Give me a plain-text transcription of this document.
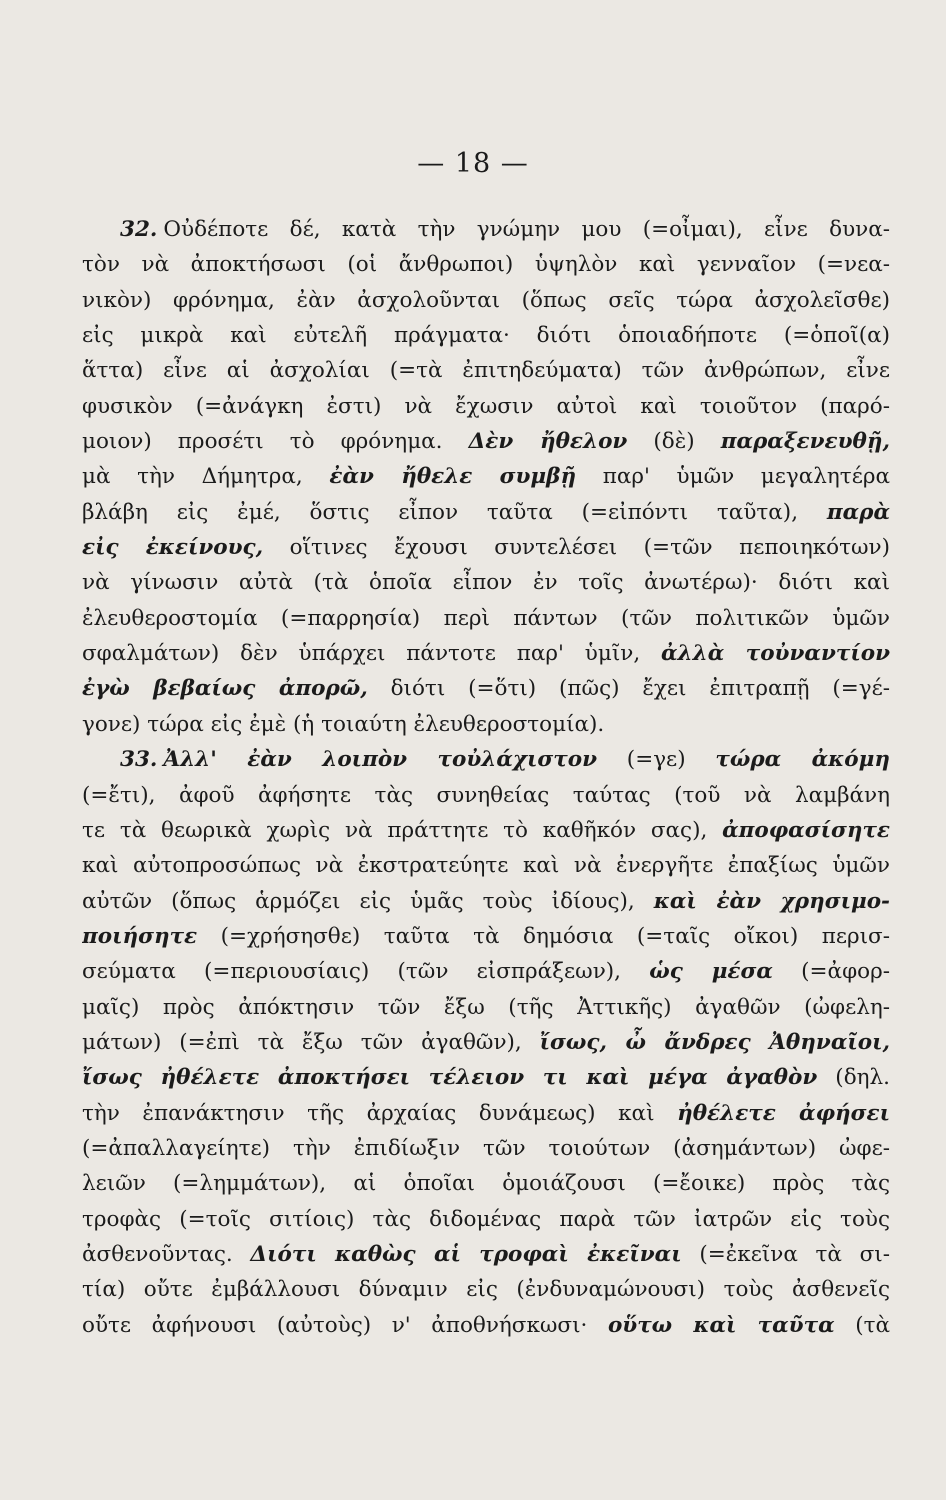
— 18 —
32. Οὐδέποτε δέ, κατὰ τὴν γνώμην μου (=οἶμαι), εἶνε δυνα-
τὸν νὰ ἀποκτήσωσι (οἱ ἄνθρωποι) ὑψηλὸν καὶ γενναῖον (=νεα-
νικὸν) φρόνημα, ἐὰν ἀσχολοῦνται (ὅπως σεῖς τώρα ἀσχολεῖσθε)
εἰς μικρὰ καὶ εὐτελῆ πράγματα· διότι ὁποιαδήποτε (=ὁποῖ(α)
ἅττα) εἶνε αἱ ἀσχολίαι (=τὰ ἐπιτηδεύματα) τῶν ἀνθρώπων, εἶνε
φυσικὸν (=ἀνάγκη ἐστι) νὰ ἔχωσιν αὐτοὶ καὶ τοιοῦτον (παρό-
μοιον) προσέτι τὸ φρόνημα. Δὲν ἤθελον (δὲ) παραξενευθῇ,
μὰ τὴν Δήμητρα, ἐὰν ἤθελε συμβῇ παρ' ὑμῶν μεγαλητέρα
βλάβη εἰς ἐμέ, ὅστις εἶπον ταῦτα (=εἰπόντι ταῦτα), παρὰ
εἰς ἐκείνους, οἵτινες ἔχουσι συντελέσει (=τῶν πεποιηκότων)
νὰ γίνωσιν αὐτὰ (τὰ ὁποῖα εἶπον ἐν τοῖς ἀνωτέρω)· διότι καὶ
ἐλευθεροστομία (=παρρησία) περὶ πάντων (τῶν πολιτικῶν ὑμῶν
σφαλμάτων) δὲν ὑπάρχει πάντοτε παρ' ὑμῖν, ἀλλὰ τοὐναντίον
ἐγὼ βεβαίως ἀπορῶ, διότι (=ὅτι) (πῶς) ἔχει ἐπιτραπῇ (=γέ-
γονε) τώρα εἰς ἐμὲ (ἡ τοιαύτη ἐλευθεροστομία).
33. Ἀλλ' ἐὰν λοιπὸν τοὐλάχιστον (=γε) τώρα ἀκόμη
(=ἔτι), ἀφοῦ ἀφήσητε τὰς συνηθείας ταύτας (τοῦ νὰ λαμβάνη
τε τὰ θεωρικὰ χωρὶς νὰ πράττητε τὸ καθῆκόν σας), ἀποφασίσητε
καὶ αὐτοπροσώπως νὰ ἐκστρατεύητε καὶ νὰ ἐνεργῆτε ἐπαξίως ὑμῶν
αὐτῶν (ὅπως ἁρμόζει εἰς ὑμᾶς τοὺς ἰδίους), καὶ ἐὰν χρησιμο-
ποιήσητε (=χρήσησθε) ταῦτα τὰ δημόσια (=ταῖς οἴκοι) περισ-
σεύματα (=περιουσίαις) (τῶν εἰσπράξεων), ὡς μέσα (=ἀφορ-
μαῖς) πρὸς ἀπόκτησιν τῶν ἔξω (τῆς Ἀττικῆς) ἀγαθῶν (ὠφελη-
μάτων) (=ἐπὶ τὰ ἔξω τῶν ἀγαθῶν), ἴσως, ὦ ἄνδρες Ἀθηναῖοι,
ἴσως ἠθέλετε ἀποκτήσει τέλειον τι καὶ μέγα ἀγαθὸν (δηλ.
τὴν ἐπανάκτησιν τῆς ἀρχαίας δυνάμεως) καὶ ἠθέλετε ἀφήσει
(=ἀπαλλαγείητε) τὴν ἐπιδίωξιν τῶν τοιούτων (ἀσημάντων) ὠφε-
λειῶν (=λημμάτων), αἱ ὁποῖαι ὁμοιάζουσι (=ἔοικε) πρὸς τὰς
τροφὰς (=τοῖς σιτίοις) τὰς διδομένας παρὰ τῶν ἰατρῶν εἰς τοὺς
ἀσθενοῦντας. Διότι καθὼς αἱ τροφαὶ ἐκεῖναι (=ἐκεῖνα τὰ σι-
τία) οὔτε ἐμβάλλουσι δύναμιν εἰς (ἐνδυναμώνουσι) τοὺς ἀσθενεῖς
οὔτε ἀφήνουσι (αὐτοὺς) ν' ἀποθνήσκωσι· οὕτω καὶ ταῦτα (τὰ
